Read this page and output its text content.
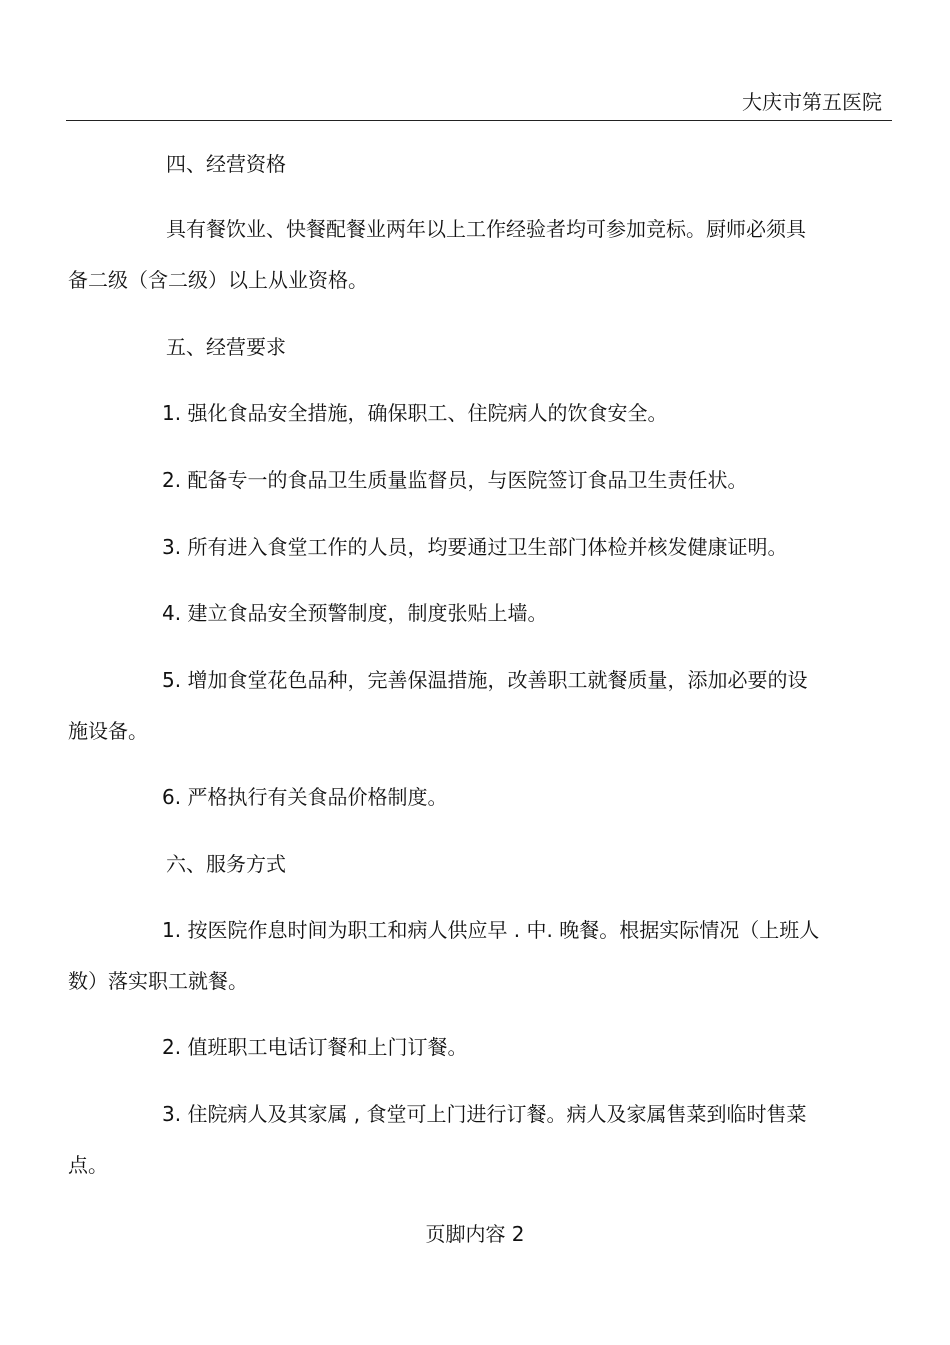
大庆市第五医院
四、经营资格
具有餐饮业、快餐配餐业两年以上工作经验者均可参加竞标。厨师必须具
备二级（含二级）以上从业资格。
五、经营要求
1. 强化食品安全措施，确保职工、住院病人的饮食安全。
2. 配备专一的食品卫生质量监督员，与医院签订食品卫生责任状。
3. 所有进入食堂工作的人员，均要通过卫生部门体检并核发健康证明。
4. 建立食品安全预警制度，制度张贴上墙。
5. 增加食堂花色品种，完善保温措施，改善职工就餐质量，添加必要的设
施设备。
6. 严格执行有关食品价格制度。
六、服务方式
1. 按医院作息时间为职工和病人供应早 . 中. 晚餐。根据实际情况（上班人
数）落实职工就餐。
2. 值班职工电话订餐和上门订餐。
3. 住院病人及其家属 , 食堂可上门进行订餐。病人及家属售菜到临时售菜
点。
页脚内容 2
